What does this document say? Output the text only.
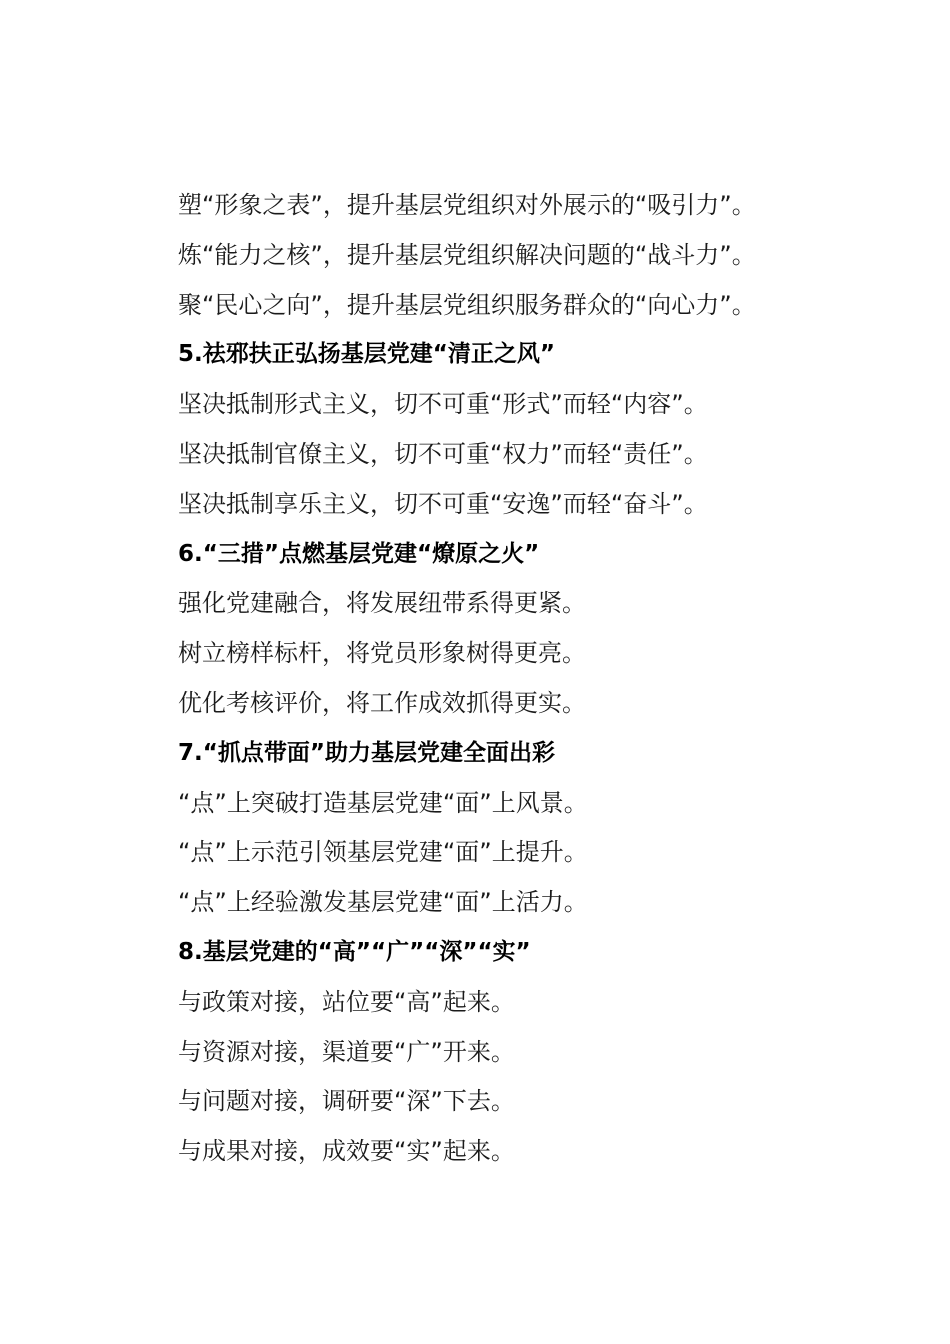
塑“形象之表”，提升基层党组织对外展示的“吸引力”。
炼“能力之核”，提升基层党组织解决问题的“战斗力”。
聚“民心之向”，提升基层党组织服务群众的“向心力”。
5.祛邪扶正弘扬基层党建“清正之风”
坚决抵制形式主义，切不可重“形式”而轻“内容”。
坚决抵制官僚主义，切不可重“权力”而轻“责任”。
坚决抵制享乐主义，切不可重“安逸”而轻“奋斗”。
6.“三措”点燃基层党建“燎原之火”
强化党建融合，将发展纽带系得更紧。
树立榜样标杆，将党员形象树得更亮。
优化考核评价，将工作成效抓得更实。
7.“抓点带面”助力基层党建全面出彩
“点”上突破打造基层党建“面”上风景。
“点”上示范引领基层党建“面”上提升。
“点”上经验激发基层党建“面”上活力。
8.基层党建的“高”“广”“深”“实”
与政策对接，站位要“高”起来。
与资源对接，渠道要“广”开来。
与问题对接，调研要“深”下去。
与成果对接，成效要“实”起来。
